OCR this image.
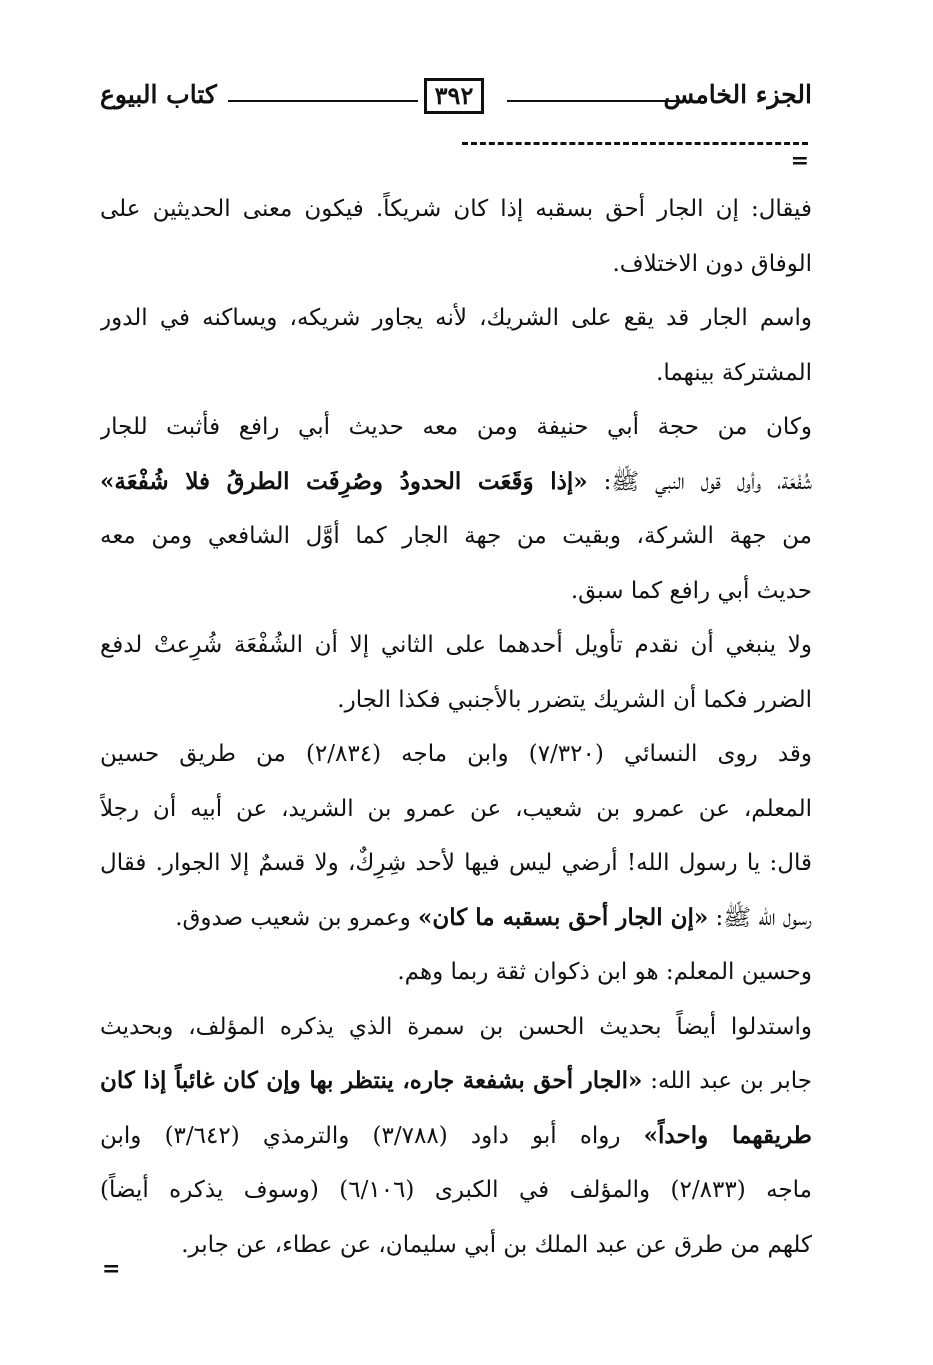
الجزء الخامس
٣٩٢
كتاب البيوع
=
فيقال: إن الجار أحق بسقبه إذا كان شريكاً. فيكون معنى الحديثين على
الوفاق دون الاختلاف.
واسم الجار قد يقع على الشريك، لأنه يجاور شريكه، ويساكنه في الدور
المشتركة بينهما.
وكان من حجة أبي حنيفة ومن معه حديث أبي رافع فأثبت للجار
شُفْعَة، وأول قول النبي ﷺ: «إذا وَقَعَت الحدودُ وصُرِفَت الطرقُ فلا شُفْعَة»
من جهة الشركة، وبقيت من جهة الجار كما أوَّل الشافعي ومن معه
حديث أبي رافع كما سبق.
ولا ينبغي أن نقدم تأويل أحدهما على الثاني إلا أن الشُفْعَة شُرِعتْ لدفع
الضرر فكما أن الشريك يتضرر بالأجنبي فكذا الجار.
وقد روى النسائي (٧/٣٢٠) وابن ماجه (٢/٨٣٤) من طريق حسين
المعلم، عن عمرو بن شعيب، عن عمرو بن الشريد، عن أبيه أن رجلاً
قال: يا رسول الله! أرضي ليس فيها لأحد شِرِكٌ، ولا قسمٌ إلا الجوار. فقال
رسول الله ﷺ: «إن الجار أحق بسقبه ما كان» وعمرو بن شعيب صدوق.
وحسين المعلم: هو ابن ذكوان ثقة ربما وهم.
واستدلوا أيضاً بحديث الحسن بن سمرة الذي يذكره المؤلف، وبحديث
جابر بن عبد الله: «الجار أحق بشفعة جاره، ينتظر بها وإن كان غائباً إذا كان
طريقهما واحداً» رواه أبو داود (٣/٧٨٨) والترمذي (٣/٦٤٢) وابن
ماجه (٢/٨٣٣) والمؤلف في الكبرى (٦/١٠٦) (وسوف يذكره أيضاً)
كلهم من طرق عن عبد الملك بن أبي سليمان، عن عطاء، عن جابر.
=
